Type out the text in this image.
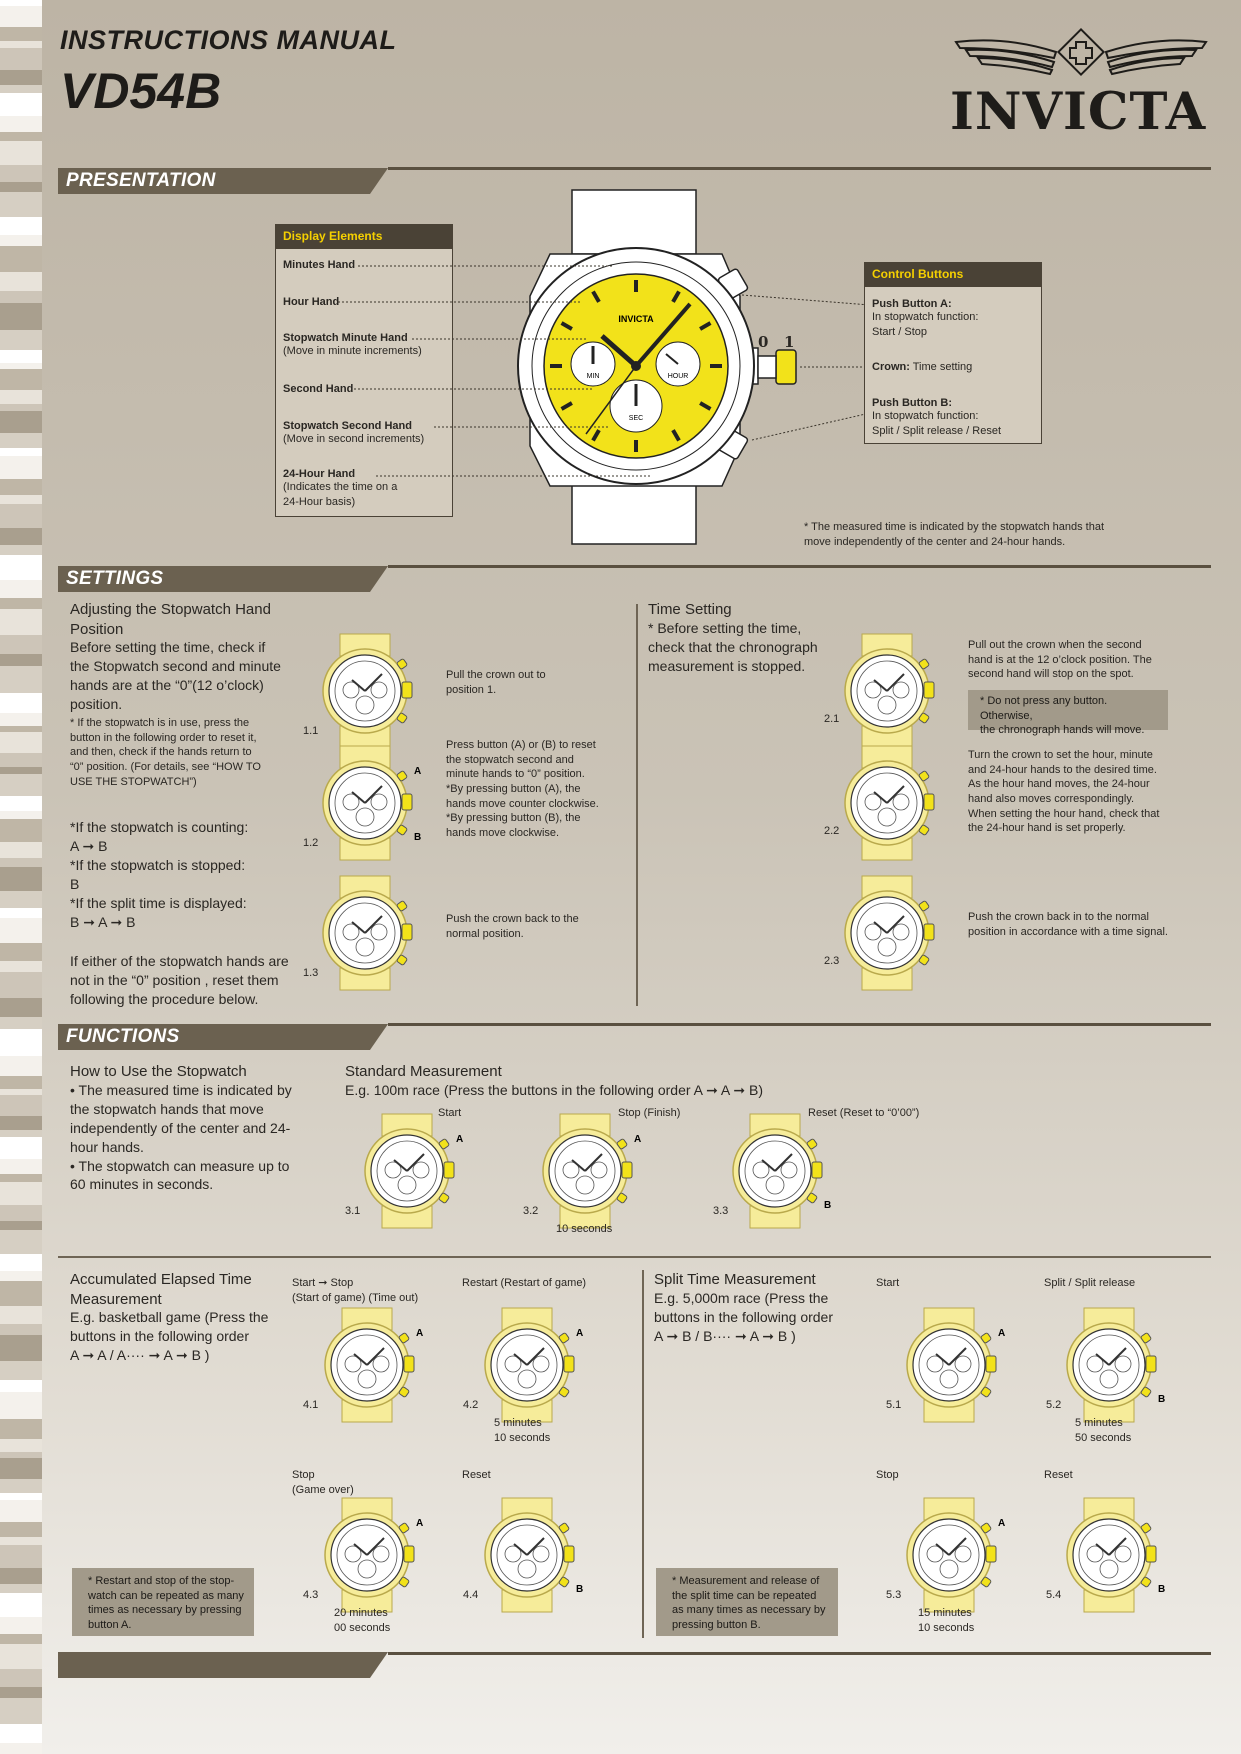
INSTRUCTIONS MANUAL
VD54B	INVICTA
PRESENTATION
Display Elements
Minutes Hand
Hour Hand
Stopwatch Minute Hand
(Move in minute increments)
Second Hand
Stopwatch Second Hand
(Move in second increments)
24-Hour Hand
(Indicates the time on a
24-Hour basis)
INVICTA
MIN	HOUR
SEC
0 1
Control Buttons
Push Button A:
In stopwatch function:
Start / Stop
Crown: Time setting
Push Button B:
In stopwatch function:
Split / Split release / Reset
* The measured time is indicated by the stopwatch hands that
move independently of the center and 24-hour hands.
SETTINGS
Adjusting the Stopwatch Hand
Position
Before setting the time, check if
the Stopwatch second and minute
hands are at the “0”(12 o’clock)
position.
* If the stopwatch is in use, press the
button in the following order to reset it,
and then, check if the hands return to
“0” position. (For details, see “HOW TO
USE THE STOPWATCH”)
*If the stopwatch is counting:
A ➞ B
*If the stopwatch is stopped:
B
*If the split time is displayed:
B ➞ A ➞ B
If either of the stopwatch hands are
not in the “0” position , reset them
following the procedure below.
Time Setting
* Before setting the time,
check that the chronograph
measurement is stopped.
FUNCTIONS
How to Use the Stopwatch
• The measured time is indicated by
the stopwatch hands that move
independently of the center and 24-
hour hands.
• The stopwatch can measure up to
60 minutes in seconds.
Standard Measurement
E.g. 100m race (Press the buttons in the following order A ➞ A ➞ B)
Accumulated Elapsed Time
Measurement
E.g. basketball game (Press the
buttons in the following order
A ➞ A / A···· ➞ A ➞ B )
Start ➞ Stop
(Start of game) (Time out)
* Restart and stop of the stop-
watch can be repeated as many
times as necessary by pressing
button A.
Split Time Measurement
E.g. 5,000m race (Press the
buttons in the following order
A ➞ B / B···· ➞ A ➞ B )
* Measurement and release of
the split time can be repeated
as many times as necessary by
pressing button B.
1.1
Pull the crown out to
position 1.
A
B
1.2
Press button (A) or (B) to reset
the stopwatch second and
minute hands to “0” position.
*By pressing button (A), the
hands move counter clockwise.
*By pressing button (B), the
hands move clockwise.
1.3
Push the crown back to the
normal position.
2.1
Pull out the crown when the second
hand is at the 12 o’clock position. The
second hand will stop on the spot.
2.2
Turn the crown to set the hour, minute
and 24-hour hands to the desired time.
As the hour hand moves, the 24-hour
hand also moves correspondingly.
When setting the hour hand, check that
the 24-hour hand is set properly.
2.3
Push the crown back in to the normal
position in accordance with a time signal.
* Do not press any button. Otherwise,
the chronograph hands will move.
A
3.1
Start
A
3.2
Stop (Finish)
10 seconds
B
3.3
Reset (Reset to “0’00”)
A
4.1
A
4.2
A
4.3	B
4.4
Restart (Restart of game)
5 minutes
10 seconds
Stop
(Game over)
20 minutes
00 seconds
Reset
A
5.1	B
5.2
A
5.3	B
5.4
Start	Split / Split release
5 minutes
50 seconds
Stop
15 minutes
10 seconds
Reset
